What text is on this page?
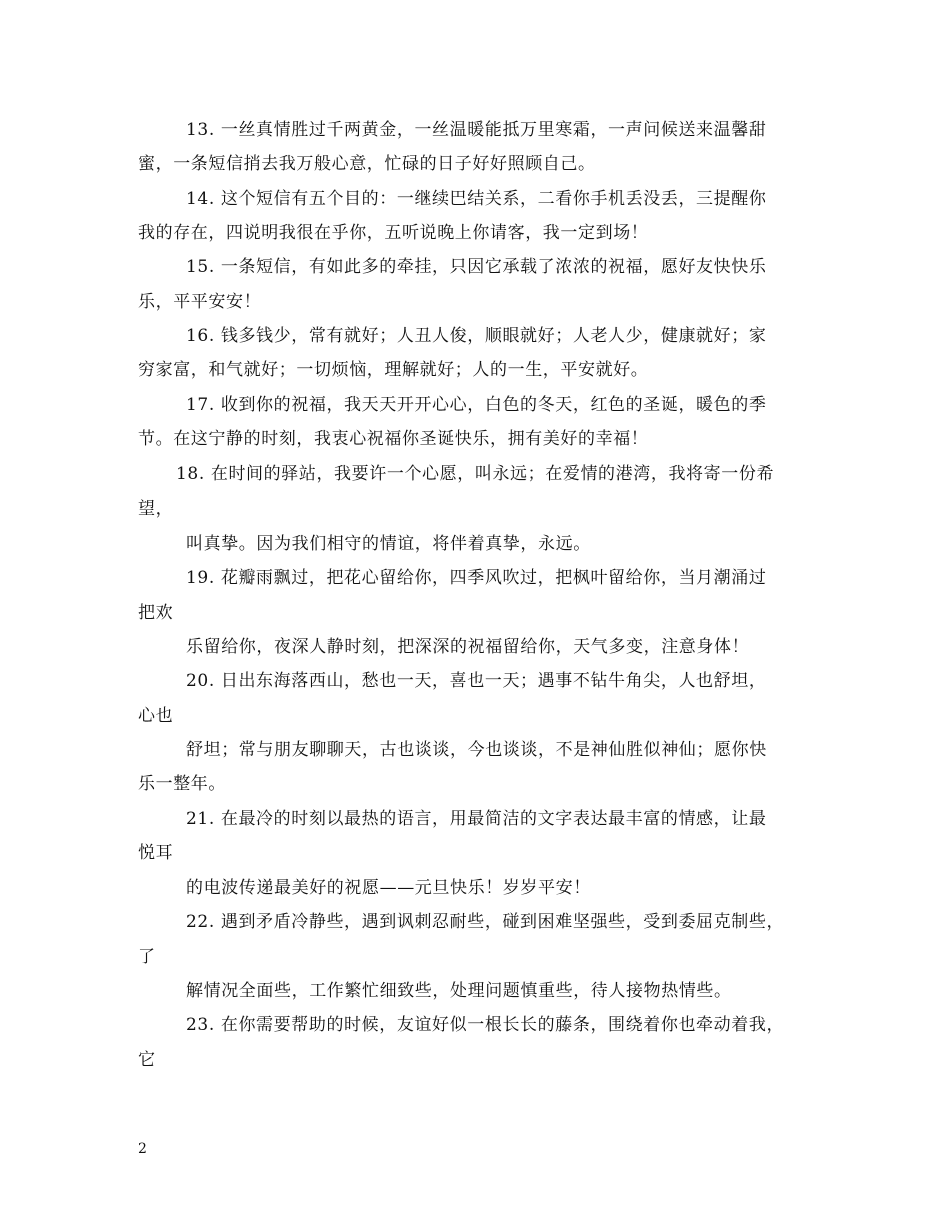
13. 一丝真情胜过千两黄金，一丝温暖能抵万里寒霜，一声问候送来温馨甜
蜜，一条短信捎去我万般心意，忙碌的日子好好照顾自己。
14. 这个短信有五个目的：一继续巴结关系，二看你手机丢没丢，三提醒你
我的存在，四说明我很在乎你，五听说晚上你请客，我一定到场！
15. 一条短信，有如此多的牵挂，只因它承载了浓浓的祝福，愿好友快快乐
乐，平平安安！
16. 钱多钱少，常有就好；人丑人俊，顺眼就好；人老人少，健康就好；家
穷家富，和气就好；一切烦恼，理解就好；人的一生，平安就好。
17. 收到你的祝福，我天天开开心心，白色的冬天，红色的圣诞，暖色的季
节。在这宁静的时刻，我衷心祝福你圣诞快乐，拥有美好的幸福！
18. 在时间的驿站，我要许一个心愿，叫永远；在爱情的港湾，我将寄一份希
望，
叫真挚。因为我们相守的情谊，将伴着真挚，永远。
19. 花瓣雨飘过，把花心留给你，四季风吹过，把枫叶留给你，当月潮涌过
把欢
乐留给你，夜深人静时刻，把深深的祝福留给你，天气多变，注意身体！
20. 日出东海落西山，愁也一天，喜也一天；遇事不钻牛角尖，人也舒坦，
心也
舒坦；常与朋友聊聊天，古也谈谈，今也谈谈，不是神仙胜似神仙；愿你快
乐一整年。
21. 在最冷的时刻以最热的语言，用最简洁的文字表达最丰富的情感，让最
悦耳
的电波传递最美好的祝愿——元旦快乐！岁岁平安！
22. 遇到矛盾冷静些，遇到讽刺忍耐些，碰到困难坚强些，受到委屈克制些，
了
解情况全面些，工作繁忙细致些，处理问题慎重些，待人接物热情些。
23. 在你需要帮助的时候，友谊好似一根长长的藤条，围绕着你也牵动着我，
它
2
